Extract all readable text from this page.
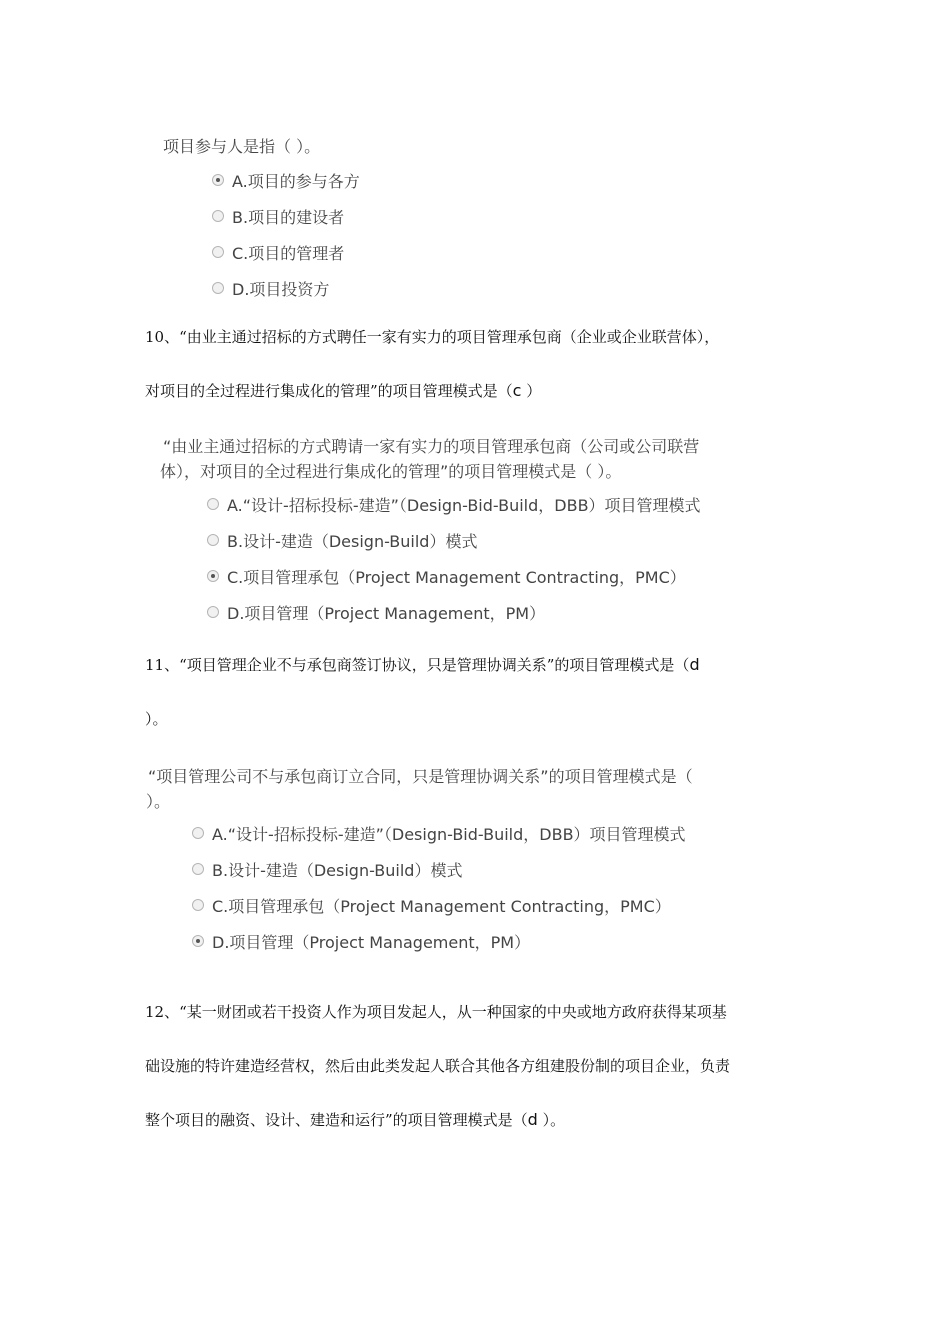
项目参与人是指（ ）。
A.项目的参与各方
B.项目的建设者
C.项目的管理者
D.项目投资方
10、“由业主通过招标的方式聘任一家有实力的项目管理承包商（企业或企业联营体），
对项目的全过程进行集成化的管理”的项目管理模式是（c ）
“由业主通过招标的方式聘请一家有实力的项目管理承包商（公司或公司联营
体），对项目的全过程进行集成化的管理”的项目管理模式是（ ）。
A.“设计-招标投标-建造”（Design-Bid-Build，DBB）项目管理模式
B.设计-建造（Design-Build）模式
C.项目管理承包（Project Management Contracting，PMC）
D.项目管理（Project Management，PM）
11、“项目管理企业不与承包商签订协议，只是管理协调关系”的项目管理模式是（d
）。
“项目管理公司不与承包商订立合同，只是管理协调关系”的项目管理模式是（
）。
A.“设计-招标投标-建造”（Design-Bid-Build，DBB）项目管理模式
B.设计-建造（Design-Build）模式
C.项目管理承包（Project Management Contracting，PMC）
D.项目管理（Project Management，PM）
12、“某一财团或若干投资人作为项目发起人，从一种国家的中央或地方政府获得某项基
础设施的特许建造经营权，然后由此类发起人联合其他各方组建股份制的项目企业，负责
整个项目的融资、设计、建造和运行”的项目管理模式是（d ）。
